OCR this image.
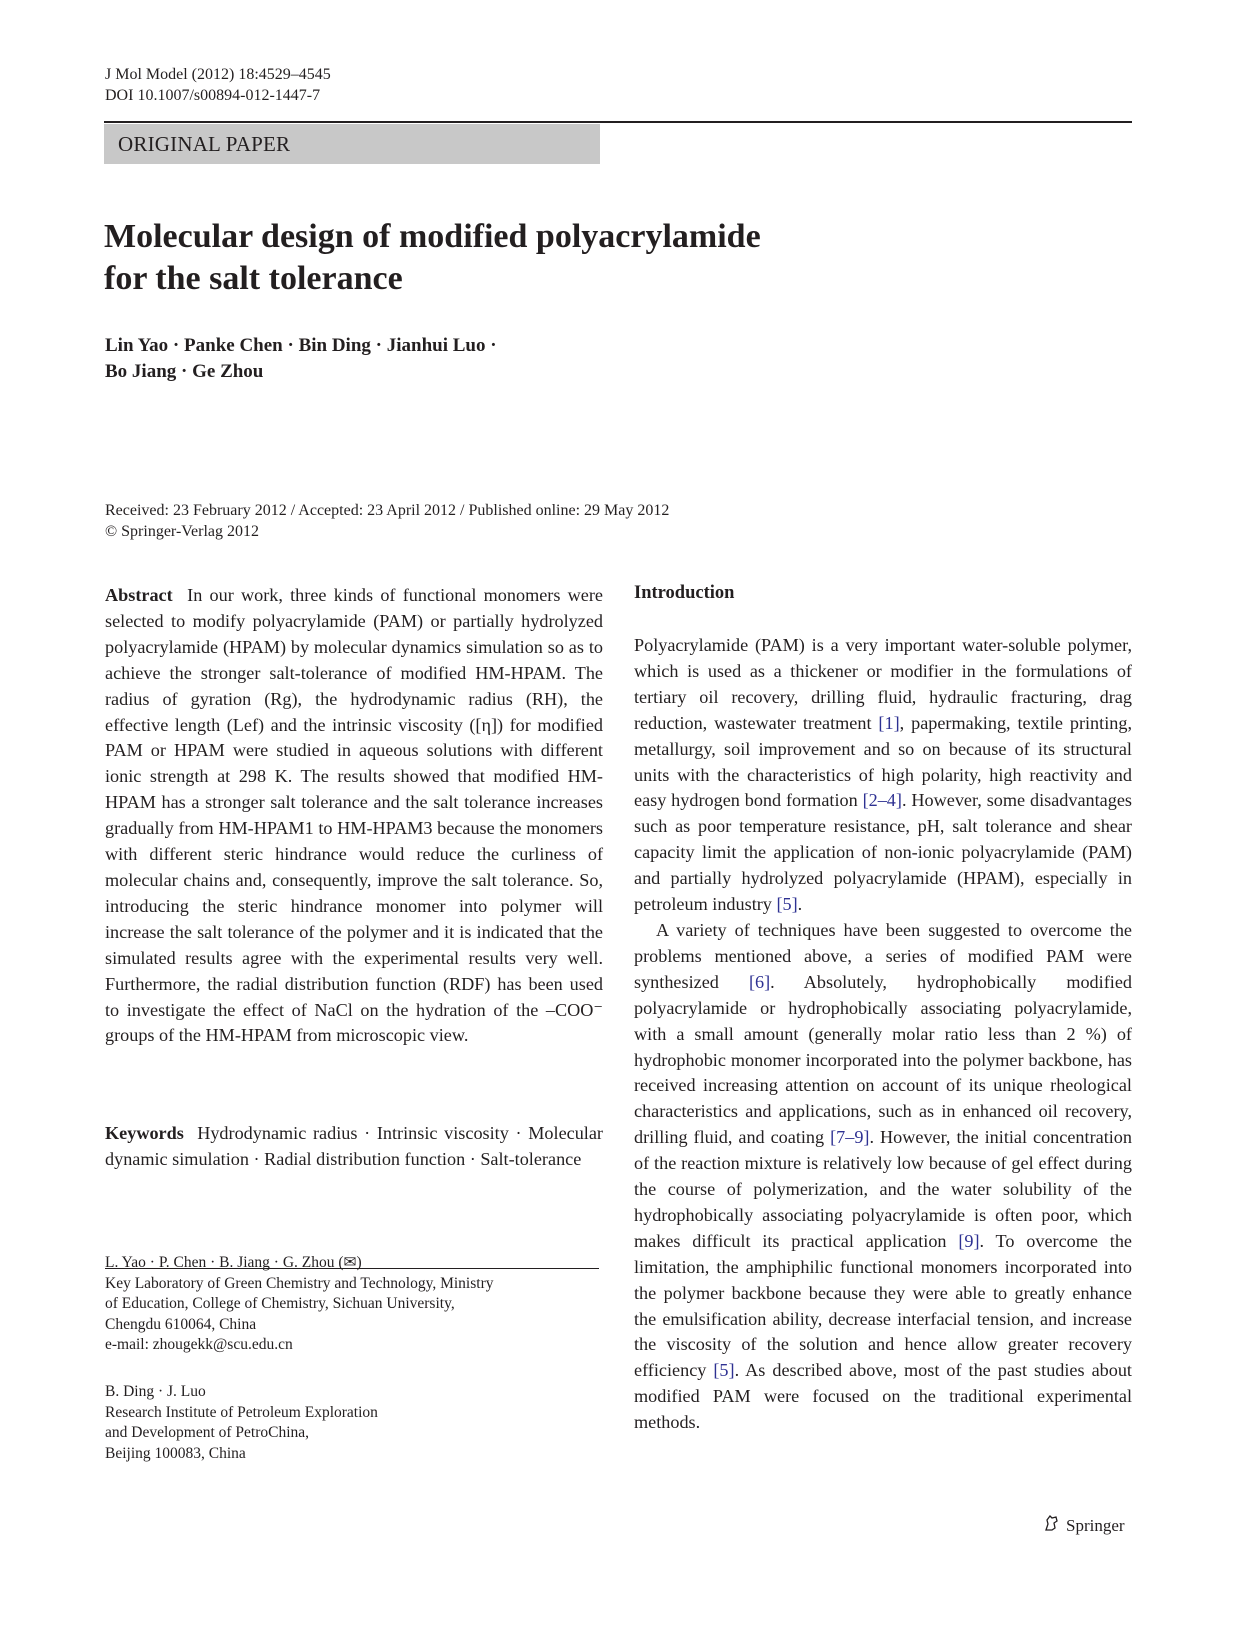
J Mol Model (2012) 18:4529–4545
DOI 10.1007/s00894-012-1447-7
ORIGINAL PAPER
Molecular design of modified polyacrylamide
for the salt tolerance
Lin Yao · Panke Chen · Bin Ding · Jianhui Luo ·
Bo Jiang · Ge Zhou
Received: 23 February 2012 / Accepted: 23 April 2012 / Published online: 29 May 2012
© Springer-Verlag 2012

Abstract In our work, three kinds of functional monomers were selected to modify polyacrylamide (PAM) or partially hydrolyzed polyacrylamide (HPAM) by molecular dynamics simulation so as to achieve the stronger salt-tolerance of modified HM-HPAM. The radius of gyration (Rg), the hydrodynamic radius (RH), the effective length (Lef) and the intrinsic viscosity ([η]) for modified PAM or HPAM were studied in aqueous solutions with different ionic strength at 298 K. The results showed that modified HM-HPAM has a stronger salt tolerance and the salt tolerance increases gradually from HM-HPAM1 to HM-HPAM3 because the monomers with different steric hindrance would reduce the curliness of molecular chains and, consequently, improve the salt tolerance. So, introducing the steric hindrance monomer into polymer will increase the salt tolerance of the polymer and it is indicated that the simulated results agree with the experimental results very well. Furthermore, the radial distribution function (RDF) has been used to investigate the effect of NaCl on the hydration of the –COO⁻ groups of the HM-HPAM from microscopic view.

Keywords Hydrodynamic radius · Intrinsic viscosity · Molecular dynamic simulation · Radial distribution function · Salt-tolerance

L. Yao · P. Chen · B. Jiang · G. Zhou (✉)

Key Laboratory of Green Chemistry and Technology, Ministry

of Education, College of Chemistry, Sichuan University,

Chengdu 610064, China

e-mail: zhougekk@scu.edu.cn

B. Ding · J. Luo

Research Institute of Petroleum Exploration

and Development of PetroChina,

Beijing 100083, China

Introduction

Polyacrylamide (PAM) is a very important water-soluble polymer, which is used as a thickener or modifier in the formulations of tertiary oil recovery, drilling fluid, hydraulic fracturing, drag reduction, wastewater treatment [1], papermaking, textile printing, metallurgy, soil improvement and so on because of its structural units with the characteristics of high polarity, high reactivity and easy hydrogen bond formation [2–4]. However, some disadvantages such as poor temperature resistance, pH, salt tolerance and shear capacity limit the application of non-ionic polyacrylamide (PAM) and partially hydrolyzed polyacrylamide (HPAM), especially in petroleum industry [5].

A variety of techniques have been suggested to overcome the problems mentioned above, a series of modified PAM were synthesized [6]. Absolutely, hydrophobically modified polyacrylamide or hydrophobically associating polyacrylamide, with a small amount (generally molar ratio less than 2 %) of hydrophobic monomer incorporated into the polymer backbone, has received increasing attention on account of its unique rheological characteristics and applications, such as in enhanced oil recovery, drilling fluid, and coating [7–9]. However, the initial concentration of the reaction mixture is relatively low because of gel effect during the course of polymerization, and the water solubility of the hydrophobically associating polyacrylamide is often poor, which makes difficult its practical application [9]. To overcome the limitation, the amphiphilic functional monomers incorporated into the polymer backbone because they were able to greatly enhance the emulsification ability, decrease interfacial tension, and increase the viscosity of the solution and hence allow greater recovery efficiency [5]. As described above, most of the past studies about modified PAM were focused on the traditional experimental methods.

Springer
